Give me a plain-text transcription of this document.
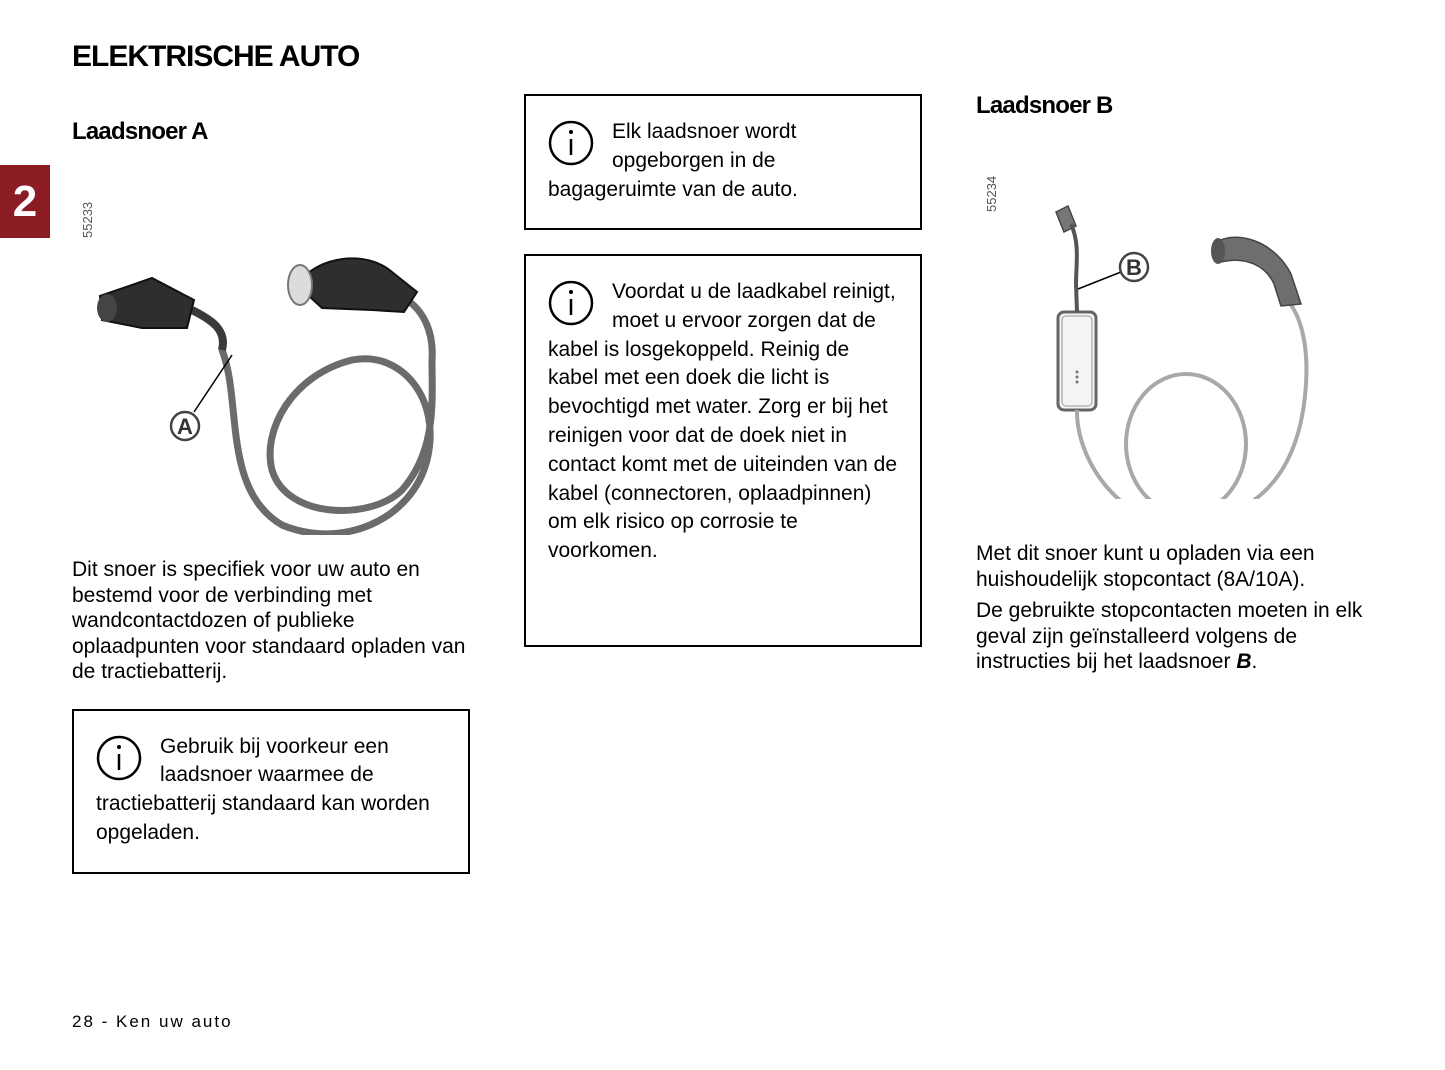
ELEKTRISCHE AUTO
2
Laadsnoer A
55233
A

Dit snoer is specifiek voor uw auto en bestemd voor de verbinding met wandcontactdozen of publieke oplaadpunten voor standaard opladen van de tractiebatterij.

Gebruik bij voorkeur een laadsnoer waarmee de tractiebatterij standaard kan worden opgeladen.
Elk laadsnoer wordt opgeborgen in de bagageruimte van de auto.
Voordat u de laadkabel reinigt, moet u ervoor zorgen dat de kabel is losgekoppeld. Reinig de kabel met een doek die licht is bevochtigd met water. Zorg er bij het reinigen voor dat de doek niet in contact komt met de uiteinden van de kabel (connectoren, oplaadpinnen) om elk risico op corrosie te voorkomen.
Laadsnoer B
55234
B

Met dit snoer kunt u opladen via een huishoudelijk stopcontact (8A/10A).

De gebruikte stopcontacten moeten in elk geval zijn geïnstalleerd volgens de instructies bij het laadsnoer B.

28 - Ken uw auto
